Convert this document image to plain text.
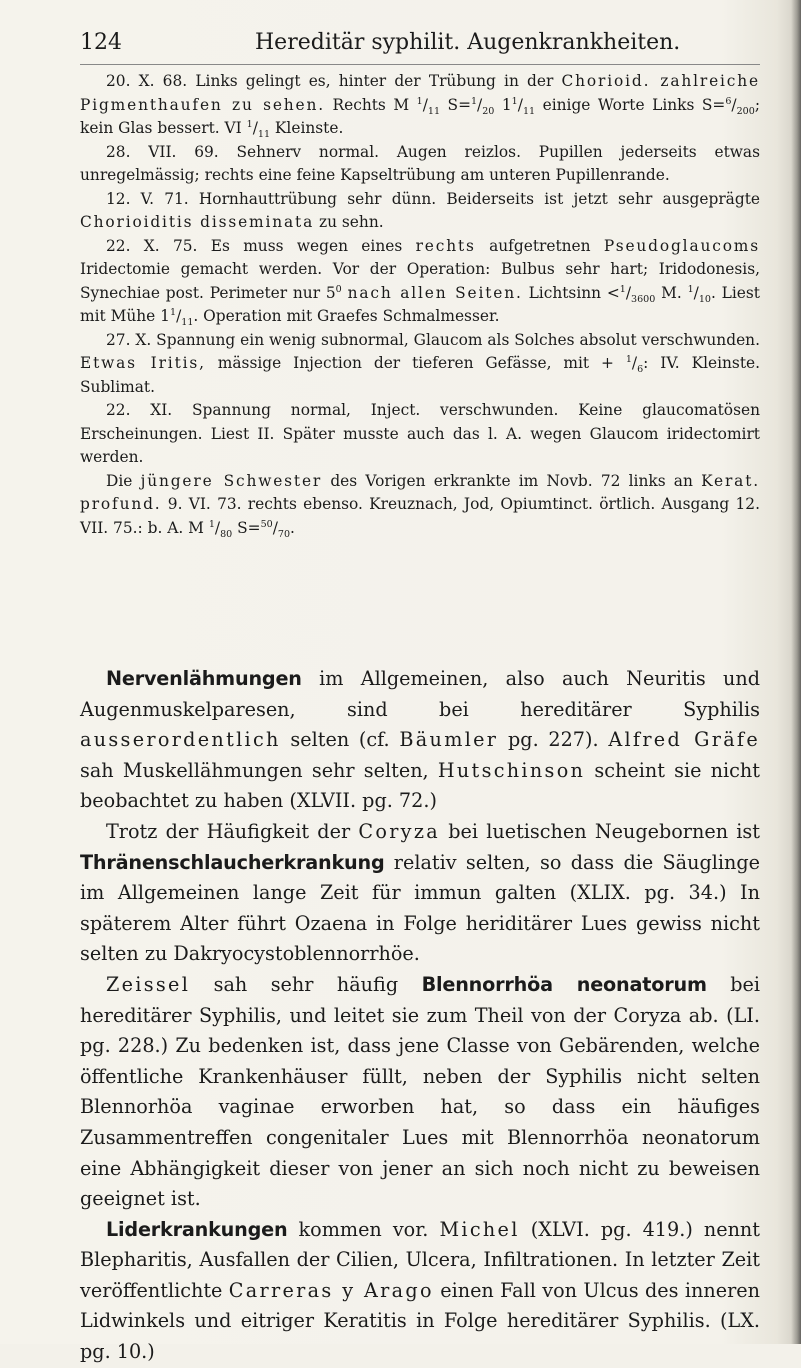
124	Hereditär syphilit. Augenkrankheiten.

20. X. 68. Links gelingt es, hinter der Trübung in der Chorioid. zahlreiche Pigmenthaufen zu sehen. Rechts M $^1/_{11}$ $S=^1/_{20}$ $1^1/_{11}$ einige Worte Links $S=^6/_{200}$; kein Glas bessert. VI $^1/_{11}$ Kleinste.

28. VII. 69. Sehnerv normal. Augen reizlos. Pupillen jederseits etwas unregelmässig; rechts eine feine Kapseltrübung am unteren Pupillenrande.

12. V. 71. Hornhauttrübung sehr dünn. Beiderseits ist jetzt sehr ausgeprägte Chorioiditis disseminata zu sehn.

22. X. 75. Es muss wegen eines rechts aufgetretnen Pseudoglaucoms Iridectomie gemacht werden. Vor der Operation: Bulbus sehr hart; Iridodonesis, Synechiae post. Perimeter nur $5^0$ nach allen Seiten. Lichtsinn $<^1/_{3600}$ M. $^1/_{10}$. Liest mit Mühe $1^1/_{11}$. Operation mit Graefes Schmalmesser.

27. X. Spannung ein wenig subnormal, Glaucom als Solches absolut verschwunden. Etwas Iritis, mässige Injection der tieferen Gefässe, mit + $^1/_6$: IV. Kleinste. Sublimat.

22. XI. Spannung normal, Inject. verschwunden. Keine glaucomatösen Erscheinungen. Liest II. Später musste auch das l. A. wegen Glaucom iridectomirt werden.

Die jüngere Schwester des Vorigen erkrankte im Novb. 72 links an Kerat. profund. 9. VI. 73. rechts ebenso. Kreuznach, Jod, Opiumtinct. örtlich. Ausgang 12. VII. 75.: b. A. M $^1/_{80}$ $S=^{50}/_{70}$.

Nervenlähmungen im Allgemeinen, also auch Neuritis und Augenmuskelparesen, sind bei hereditärer Syphilis ausserordentlich selten (cf. Bäumler pg. 227). Alfred Gräfe sah Muskellähmungen sehr selten, Hutschinson scheint sie nicht beobachtet zu haben (XLVII. pg. 72.)

Trotz der Häufigkeit der Coryza bei luetischen Neugebornen ist Thränenschlaucherkrankung relativ selten, so dass die Säuglinge im Allgemeinen lange Zeit für immun galten (XLIX. pg. 34.) In späterem Alter führt Ozaena in Folge heriditärer Lues gewiss nicht selten zu Dakryocystoblennorrhöe.

Zeissel sah sehr häufig Blennorrhöa neonatorum bei hereditärer Syphilis, und leitet sie zum Theil von der Coryza ab. (LI. pg. 228.) Zu bedenken ist, dass jene Classe von Gebärenden, welche öffentliche Krankenhäuser füllt, neben der Syphilis nicht selten Blennorhöa vaginae erworben hat, so dass ein häufiges Zusammentreffen congenitaler Lues mit Blennorrhöa neonatorum eine Abhängigkeit dieser von jener an sich noch nicht zu beweisen geeignet ist.

Liderkrankungen kommen vor. Michel (XLVI. pg. 419.) nennt Blepharitis, Ausfallen der Cilien, Ulcera, Infiltrationen. In letzter Zeit veröffentlichte Carreras y Arago einen Fall von Ulcus des inneren Lidwinkels und eitriger Keratitis in Folge hereditärer Syphilis. (LX. pg. 10.)
